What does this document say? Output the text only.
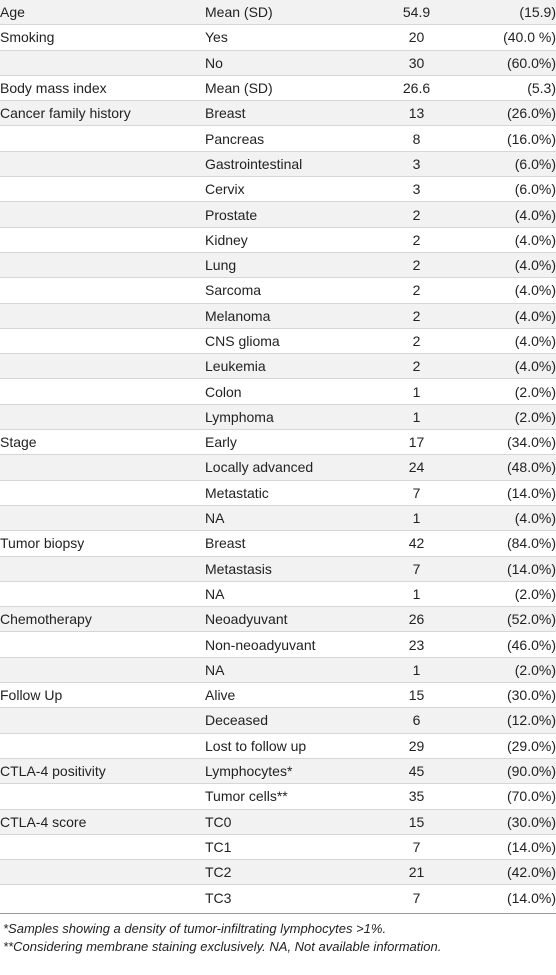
Age	Mean (SD)	54.9	(15.9)
Smoking	Yes	20	(40.0 %)
	No	30	(60.0%)
Body mass index	Mean (SD)	26.6	(5.3)
Cancer family history	Breast	13	(26.0%)
	Pancreas	8	(16.0%)
	Gastrointestinal	3	(6.0%)
	Cervix	3	(6.0%)
	Prostate	2	(4.0%)
	Kidney	2	(4.0%)
	Lung	2	(4.0%)
	Sarcoma	2	(4.0%)
	Melanoma	2	(4.0%)
	CNS glioma	2	(4.0%)
	Leukemia	2	(4.0%)
	Colon	1	(2.0%)
	Lymphoma	1	(2.0%)
Stage	Early	17	(34.0%)
	Locally advanced	24	(48.0%)
	Metastatic	7	(14.0%)
	NA	1	(4.0%)
Tumor biopsy	Breast	42	(84.0%)
	Metastasis	7	(14.0%)
	NA	1	(2.0%)
Chemotherapy	Neoadyuvant	26	(52.0%)
	Non-neoadyuvant	23	(46.0%)
	NA	1	(2.0%)
Follow Up	Alive	15	(30.0%)
	Deceased	6	(12.0%)
	Lost to follow up	29	(29.0%)
CTLA-4 positivity	Lymphocytes*	45	(90.0%)
	Tumor cells**	35	(70.0%)
CTLA-4 score	TC0	15	(30.0%)
	TC1	7	(14.0%)
	TC2	21	(42.0%)
	TC3	7	(14.0%)
*Samples showing a density of tumor-infiltrating lymphocytes >1%.
**Considering membrane staining exclusively. NA, Not available information.
